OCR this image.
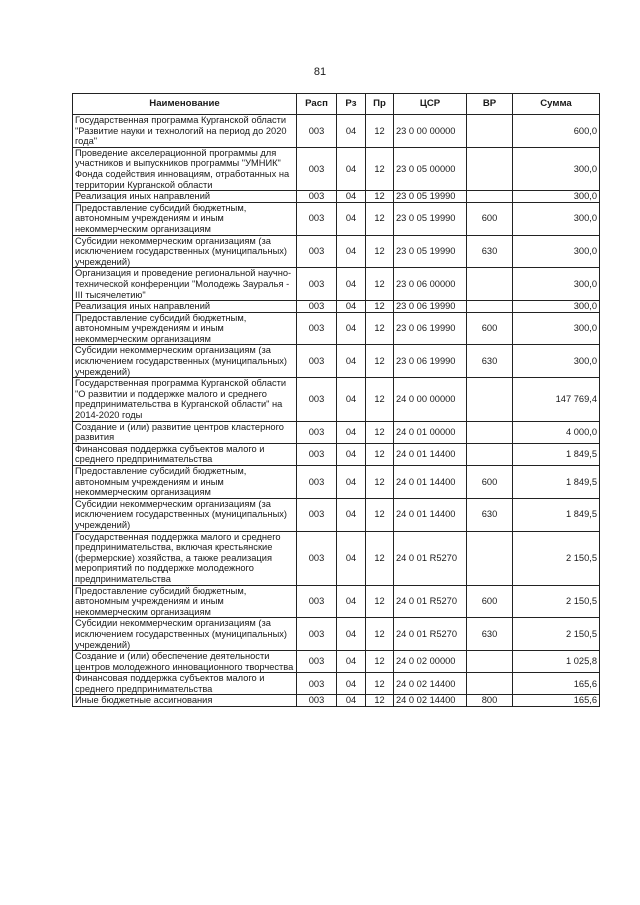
81
Наименование	Расп	Рз	Пр	ЦСР	ВР	Сумма
Государственная программа Курганской области "Развитие науки и технологий на период до 2020 года"	003	04	12	23 0 00 00000		600,0
Проведение акселерационной программы для участников и выпускников программы "УМНИК" Фонда содействия инновациям, отработанных на территории Курганской области	003	04	12	23 0 05 00000		300,0
Реализация иных направлений	003	04	12	23 0 05 19990		300,0
Предоставление субсидий бюджетным, автономным учреждениям и иным некоммерческим организациям	003	04	12	23 0 05 19990	600	300,0
Субсидии некоммерческим организациям (за исключением государственных (муниципальных) учреждений)	003	04	12	23 0 05 19990	630	300,0
Организация и проведение региональной научно-технической конференции "Молодежь Зауралья - III тысячелетию"	003	04	12	23 0 06 00000		300,0
Реализация иных направлений	003	04	12	23 0 06 19990		300,0
Предоставление субсидий бюджетным, автономным учреждениям и иным некоммерческим организациям	003	04	12	23 0 06 19990	600	300,0
Субсидии некоммерческим организациям (за исключением государственных (муниципальных) учреждений)	003	04	12	23 0 06 19990	630	300,0
Государственная программа Курганской области "О развитии и поддержке малого и среднего предпринимательства в Курганской области" на 2014-2020 годы	003	04	12	24 0 00 00000		147 769,4
Создание и (или) развитие центров кластерного развития	003	04	12	24 0 01 00000		4 000,0
Финансовая поддержка субъектов малого и среднего предпринимательства	003	04	12	24 0 01 14400		1 849,5
Предоставление субсидий бюджетным, автономным учреждениям и иным некоммерческим организациям	003	04	12	24 0 01 14400	600	1 849,5
Субсидии некоммерческим организациям (за исключением государственных (муниципальных) учреждений)	003	04	12	24 0 01 14400	630	1 849,5
Государственная поддержка малого и среднего предпринимательства, включая крестьянские (фермерские) хозяйства, а также реализация мероприятий по поддержке молодежного предпринимательства	003	04	12	24 0 01 R5270		2 150,5
Предоставление субсидий бюджетным, автономным учреждениям и иным некоммерческим организациям	003	04	12	24 0 01 R5270	600	2 150,5
Субсидии некоммерческим организациям (за исключением государственных (муниципальных) учреждений)	003	04	12	24 0 01 R5270	630	2 150,5
Создание и (или) обеспечение деятельности центров молодежного инновационного творчества	003	04	12	24 0 02 00000		1 025,8
Финансовая поддержка субъектов малого и среднего предпринимательства	003	04	12	24 0 02 14400		165,6
Иные бюджетные ассигнования	003	04	12	24 0 02 14400	800	165,6
